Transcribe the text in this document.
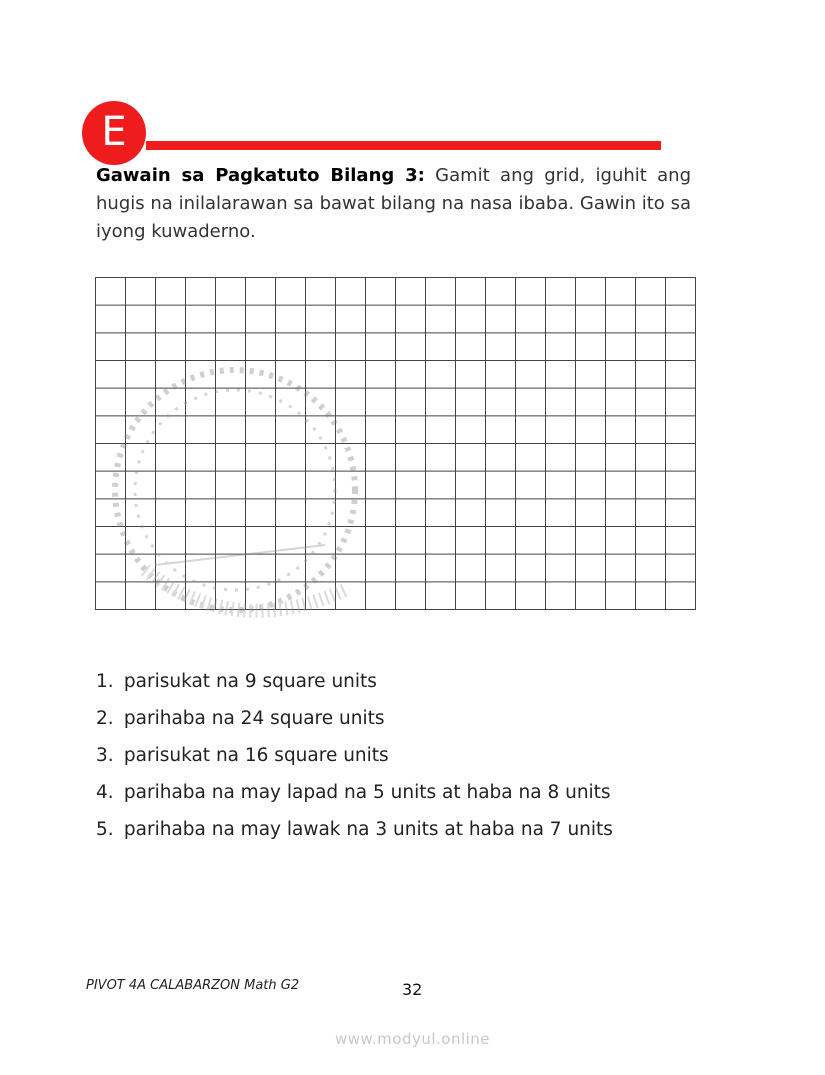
E
Gawain sa Pagkatuto Bilang 3: Gamit ang grid, iguhit ang hugis na inilalarawan sa bawat bilang na nasa ibaba. Gawin ito sa iyong kuwaderno.
1. parisukat na 9 square units
2. parihaba na 24 square units
3. parisukat na 16 square units
4. parihaba na may lapad na 5 units at haba na 8 units
5. parihaba na may lawak na 3 units at haba na 7 units
PIVOT 4A CALABARZON Math G2	32
www.modyul.online
